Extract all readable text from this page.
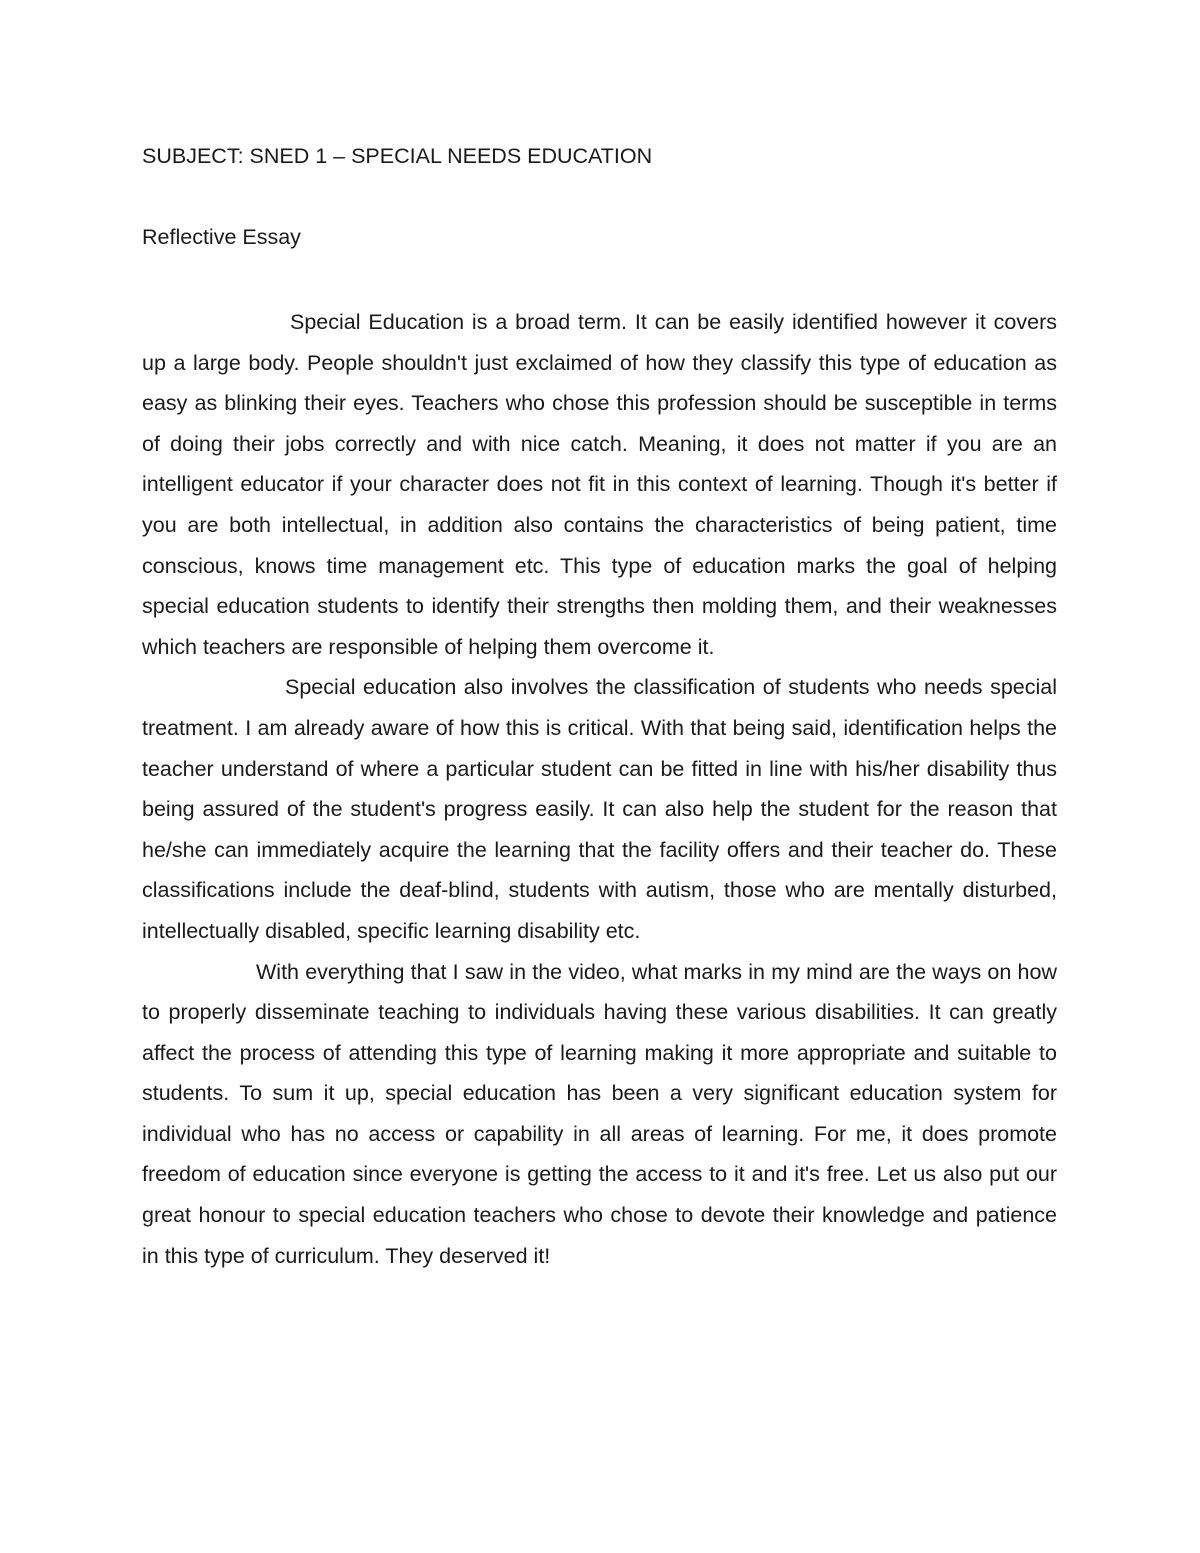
SUBJECT: SNED 1 – SPECIAL NEEDS EDUCATION

Reflective Essay

Special Education is a broad term. It can be easily identified however it covers up a large body. People shouldn't just exclaimed of how they classify this type of education as easy as blinking their eyes. Teachers who chose this profession should be susceptible in terms of doing their jobs correctly and with nice catch. Meaning, it does not matter if you are an intelligent educator if your character does not fit in this context of learning. Though it's better if you are both intellectual, in addition also contains the characteristics of being patient, time conscious, knows time management etc. This type of education marks the goal of helping special education students to identify their strengths then molding them, and their weaknesses which teachers are responsible of helping them overcome it.

Special education also involves the classification of students who needs special treatment. I am already aware of how this is critical. With that being said, identification helps the teacher understand of where a particular student can be fitted in line with his/her disability thus being assured of the student's progress easily. It can also help the student for the reason that he/she can immediately acquire the learning that the facility offers and their teacher do. These classifications include the deaf-blind, students with autism, those who are mentally disturbed, intellectually disabled, specific learning disability etc.

With everything that I saw in the video, what marks in my mind are the ways on how to properly disseminate teaching to individuals having these various disabilities. It can greatly affect the process of attending this type of learning making it more appropriate and suitable to students. To sum it up, special education has been a very significant education system for individual who has no access or capability in all areas of learning. For me, it does promote freedom of education since everyone is getting the access to it and it's free. Let us also put our great honour to special education teachers who chose to devote their knowledge and patience in this type of curriculum. They deserved it!
